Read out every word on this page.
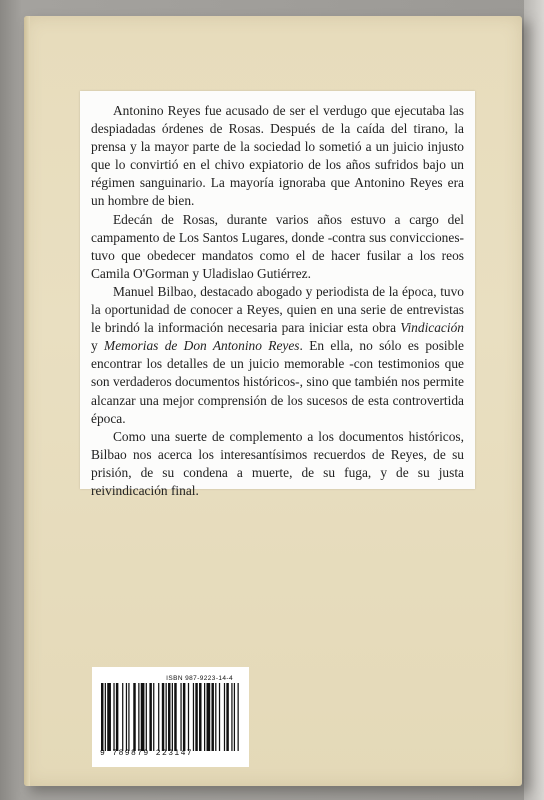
Antonino Reyes fue acusado de ser el verdugo que ejecutaba las despiadadas órdenes de Rosas. Después de la caída del tirano, la prensa y la mayor parte de la sociedad lo sometió a un juicio injusto que lo convirtió en el chivo expiatorio de los años sufridos bajo un régimen sanguinario. La mayoría ignoraba que Antonino Reyes era un hombre de bien.

Edecán de Rosas, durante varios años estuvo a cargo del campamento de Los Santos Lugares, donde -contra sus convicciones- tuvo que obedecer mandatos como el de hacer fusilar a los reos Camila O'Gorman y Uladislao Gutiérrez.

Manuel Bilbao, destacado abogado y periodista de la época, tuvo la oportunidad de conocer a Reyes, quien en una serie de entrevistas le brindó la información necesaria para iniciar esta obra Vindicación y Memorias de Don Antonino Reyes. En ella, no sólo es posible encontrar los detalles de un juicio memorable -con testimonios que son verdaderos documentos históricos-, sino que también nos permite alcanzar una mejor comprensión de los sucesos de esta controvertida época.

Como una suerte de complemento a los documentos históricos, Bilbao nos acerca los interesantísimos recuerdos de Reyes, de su prisión, de su condena a muerte, de su fuga, y de su justa reivindicación final.

ISBN 987-9223-14-4
9 789879 223147
